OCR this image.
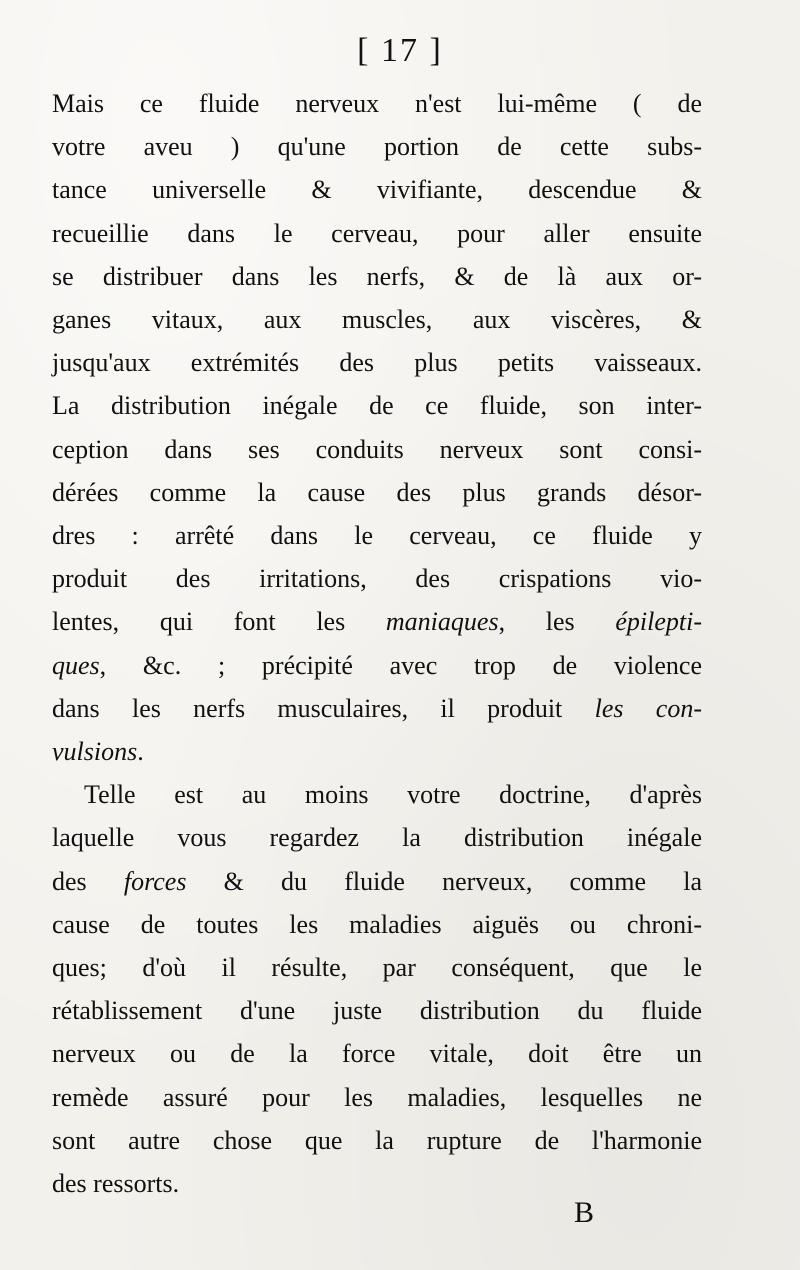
[ 17 ]
Mais ce fluide nerveux n'est lui-même ( de
votre aveu ) qu'une portion de cette subs-
tance universelle & vivifiante, descendue &
recueillie dans le cerveau, pour aller ensuite
se distribuer dans les nerfs, & de là aux or-
ganes vitaux, aux muscles, aux viscères, &
jusqu'aux extrémités des plus petits vaisseaux.
La distribution inégale de ce fluide, son inter-
ception dans ses conduits nerveux sont consi-
dérées comme la cause des plus grands désor-
dres : arrêté dans le cerveau, ce fluide y
produit des irritations, des crispations vio-
lentes, qui font les maniaques, les épilepti-
ques, &c. ; précipité avec trop de violence
dans les nerfs musculaires, il produit les con-
vulsions.
Telle est au moins votre doctrine, d'après
laquelle vous regardez la distribution inégale
des forces & du fluide nerveux, comme la
cause de toutes les maladies aiguës ou chroni-
ques; d'où il résulte, par conséquent, que le
rétablissement d'une juste distribution du fluide
nerveux ou de la force vitale, doit être un
remède assuré pour les maladies, lesquelles ne
sont autre chose que la rupture de l'harmonie
des ressorts.
B
